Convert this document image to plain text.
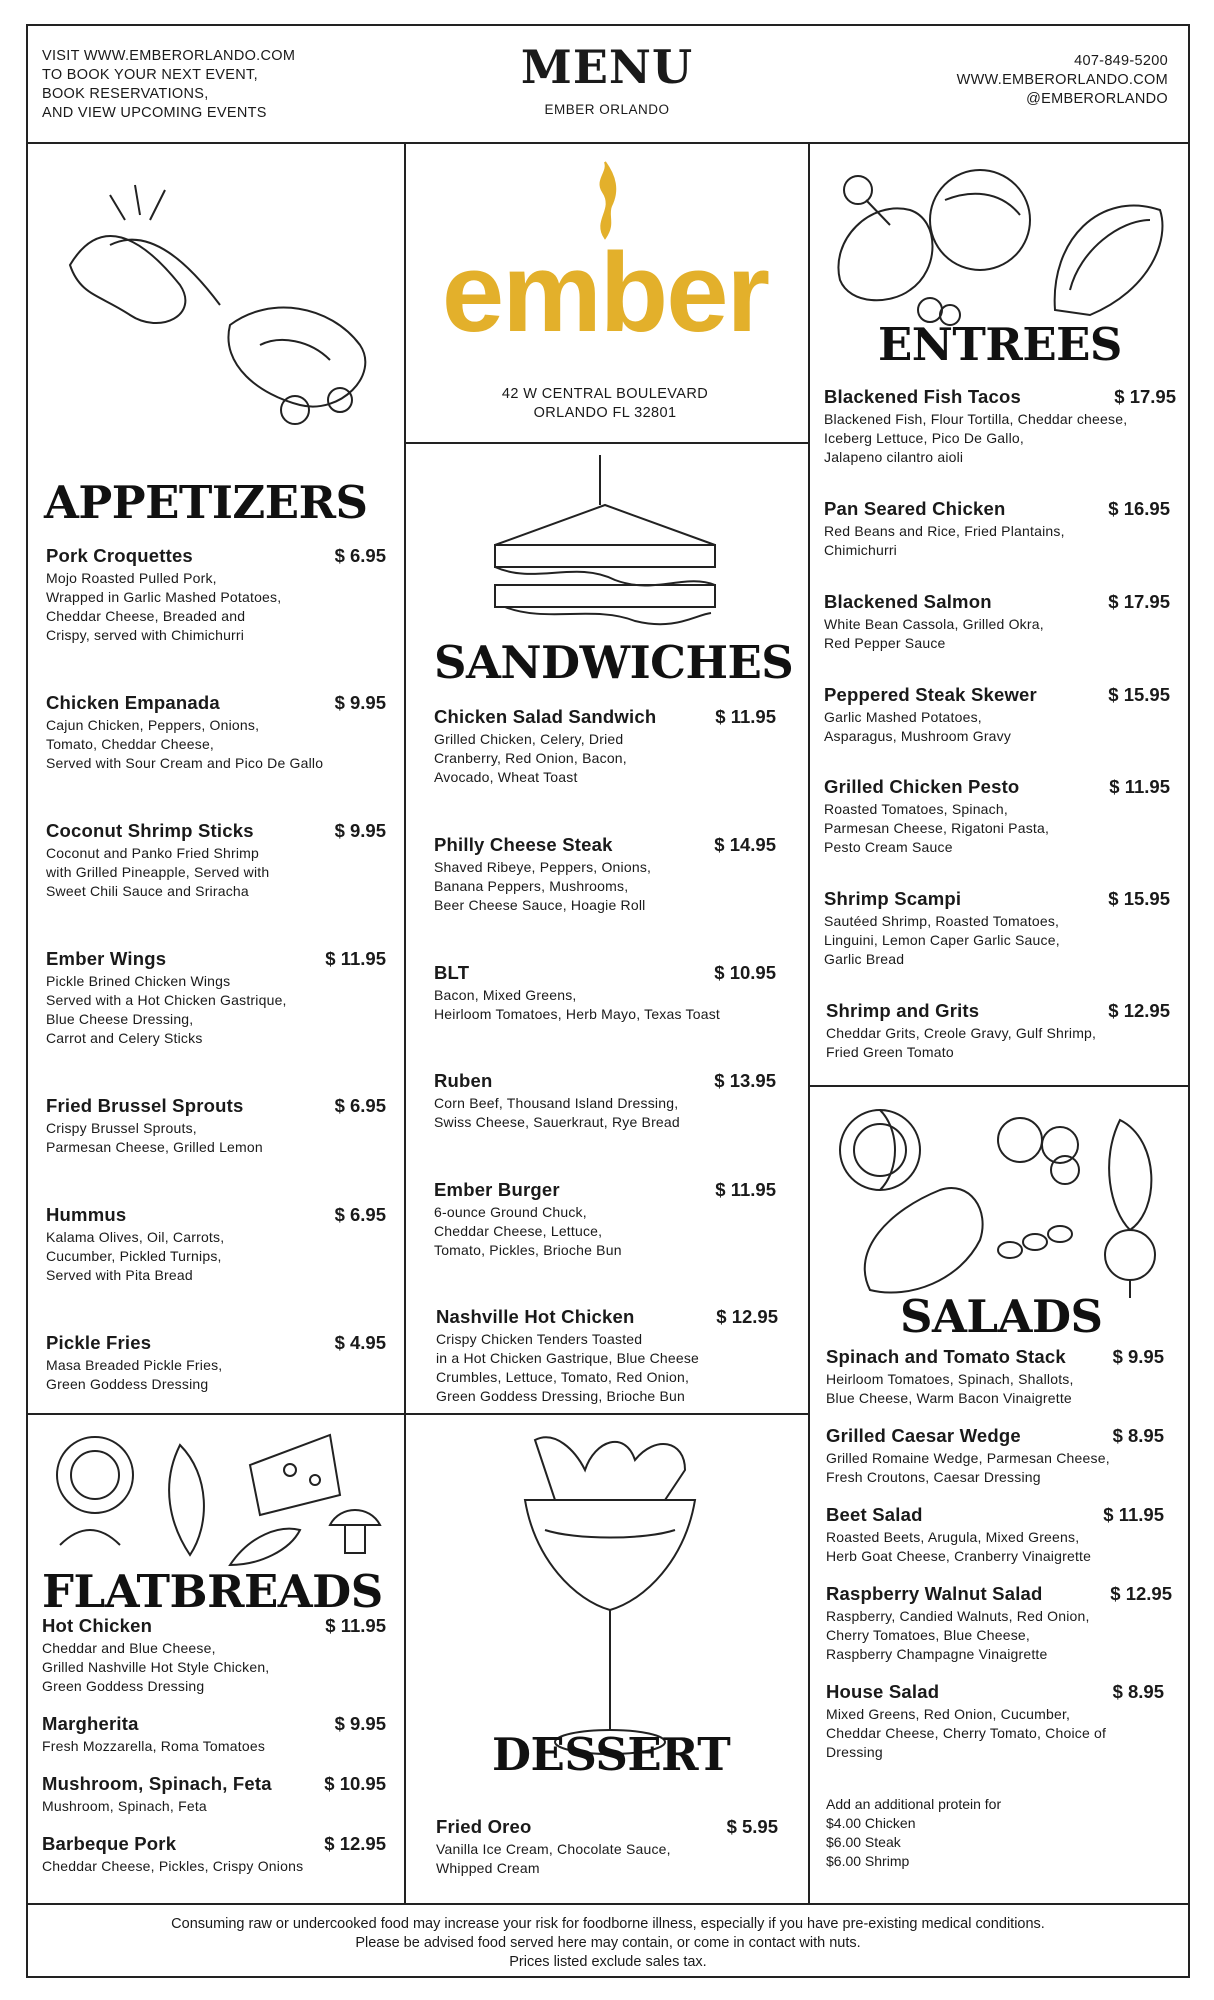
VISIT WWW.EMBERORLANDO.COM
TO BOOK YOUR NEXT EVENT,
BOOK RESERVATIONS,
AND VIEW UPCOMING EVENTS
MENU
EMBER ORLANDO
407-849-5200
WWW.EMBERORLANDO.COM
@EMBERORLANDO
ember
42 W CENTRAL BOULEVARD
ORLANDO FL 32801
APPETIZERS
Pork Croquettes	$ 6.95
Mojo Roasted Pulled Pork,
Wrapped in Garlic Mashed Potatoes,
Cheddar Cheese, Breaded and
Crispy, served with Chimichurri
Chicken Empanada	$ 9.95
Cajun Chicken, Peppers, Onions,
Tomato, Cheddar Cheese,
Served with Sour Cream and Pico De Gallo
Coconut Shrimp Sticks	$ 9.95
Coconut and Panko Fried Shrimp
with Grilled Pineapple, Served with
Sweet Chili Sauce and Sriracha
Ember Wings	$ 11.95
Pickle Brined Chicken Wings
Served with a Hot Chicken Gastrique,
Blue Cheese Dressing,
Carrot and Celery Sticks
Fried Brussel Sprouts	$ 6.95
Crispy Brussel Sprouts,
Parmesan Cheese, Grilled Lemon
Hummus	$ 6.95
Kalama Olives, Oil, Carrots,
Cucumber, Pickled Turnips,
Served with Pita Bread
Pickle Fries	$ 4.95
Masa Breaded Pickle Fries,
Green Goddess Dressing
FLATBREADS
Hot Chicken	$ 11.95
Cheddar and Blue Cheese,
Grilled Nashville Hot Style Chicken,
Green Goddess Dressing
Margherita	$ 9.95
Fresh Mozzarella, Roma Tomatoes
Mushroom, Spinach, Feta	$ 10.95
Mushroom, Spinach, Feta
Barbeque Pork	$ 12.95
Cheddar Cheese, Pickles, Crispy Onions
SANDWICHES
Chicken Salad Sandwich	$ 11.95
Grilled Chicken, Celery, Dried
Cranberry, Red Onion, Bacon,
Avocado, Wheat Toast
Philly Cheese Steak	$ 14.95
Shaved Ribeye, Peppers, Onions,
Banana Peppers, Mushrooms,
Beer Cheese Sauce, Hoagie Roll
BLT	$ 10.95
Bacon, Mixed Greens,
Heirloom Tomatoes, Herb Mayo, Texas Toast
Ruben	$ 13.95
Corn Beef, Thousand Island Dressing,
Swiss Cheese, Sauerkraut, Rye Bread
Ember Burger	$ 11.95
6-ounce Ground Chuck,
Cheddar Cheese, Lettuce,
Tomato, Pickles, Brioche Bun
Nashville Hot Chicken	$ 12.95
Crispy Chicken Tenders Toasted
in a Hot Chicken Gastrique, Blue Cheese
Crumbles, Lettuce, Tomato, Red Onion,
Green Goddess Dressing, Brioche Bun
DESSERT
Fried Oreo	$ 5.95
Vanilla Ice Cream, Chocolate Sauce,
Whipped Cream
ENTREES
Blackened Fish Tacos	$ 17.95
Blackened Fish, Flour Tortilla, Cheddar cheese,
Iceberg Lettuce, Pico De Gallo,
Jalapeno cilantro aioli
Pan Seared Chicken	$ 16.95
Red Beans and Rice, Fried Plantains,
Chimichurri
Blackened Salmon	$ 17.95
White Bean Cassola, Grilled Okra,
Red Pepper Sauce
Peppered Steak Skewer	$ 15.95
Garlic Mashed Potatoes,
Asparagus, Mushroom Gravy
Grilled Chicken Pesto	$ 11.95
Roasted Tomatoes, Spinach,
Parmesan Cheese, Rigatoni Pasta,
Pesto Cream Sauce
Shrimp Scampi	$ 15.95
Sautéed Shrimp, Roasted Tomatoes,
Linguini, Lemon Caper Garlic Sauce,
Garlic Bread
Shrimp and Grits	$ 12.95
Cheddar Grits, Creole Gravy, Gulf Shrimp,
Fried Green Tomato
SALADS
Spinach and Tomato Stack	$ 9.95
Heirloom Tomatoes, Spinach, Shallots,
Blue Cheese, Warm Bacon Vinaigrette
Grilled Caesar Wedge	$ 8.95
Grilled Romaine Wedge, Parmesan Cheese,
Fresh Croutons, Caesar Dressing
Beet Salad	$ 11.95
Roasted Beets, Arugula, Mixed Greens,
Herb Goat Cheese, Cranberry Vinaigrette
Raspberry Walnut Salad	$ 12.95
Raspberry, Candied Walnuts, Red Onion,
Cherry Tomatoes, Blue Cheese,
Raspberry Champagne Vinaigrette
House Salad	$ 8.95
Mixed Greens, Red Onion, Cucumber,
Cheddar Cheese, Cherry Tomato, Choice of
Dressing
Add an additional protein for
$4.00 Chicken
$6.00 Steak
$6.00 Shrimp
Consuming raw or undercooked food may increase your risk for foodborne illness, especially if you have pre-existing medical conditions.
Please be advised food served here may contain, or come in contact with nuts.
Prices listed exclude sales tax.
